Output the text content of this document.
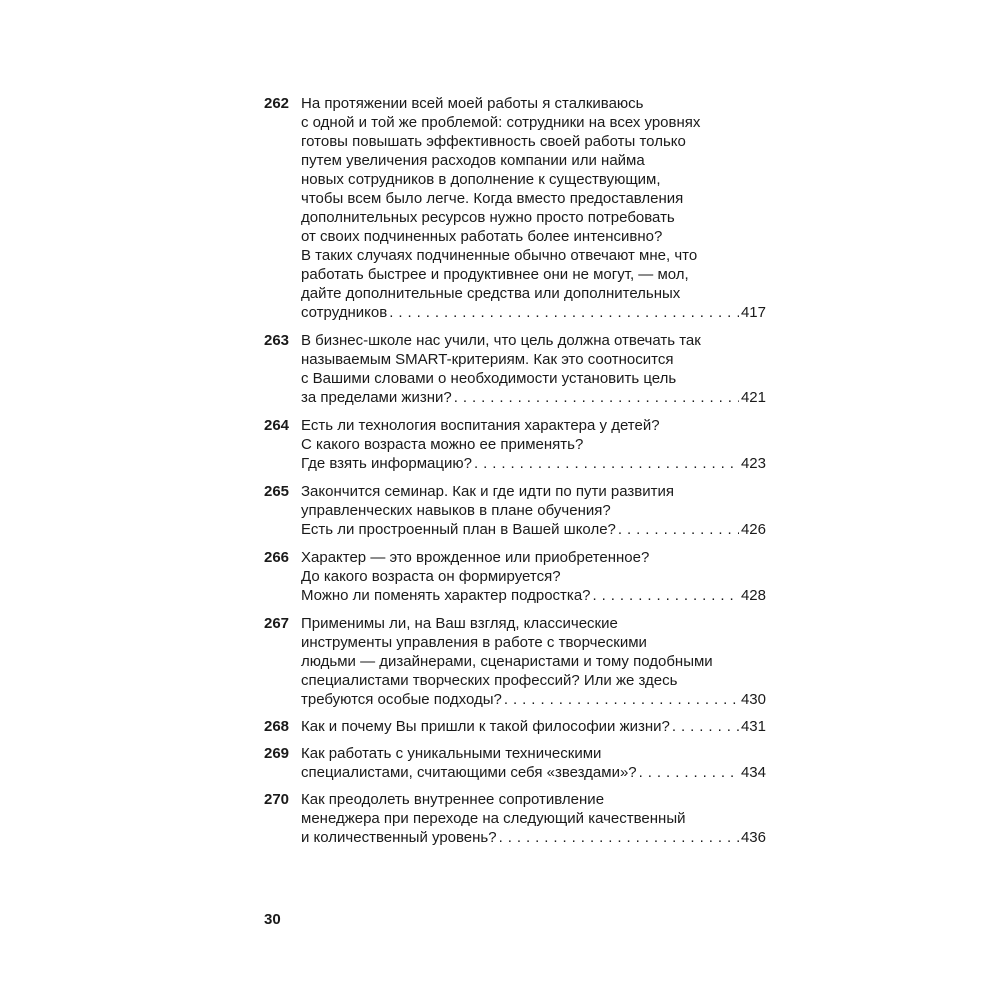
262 На протяжении всей моей работы я сталкиваюсь
с одной и той же проблемой: сотрудники на всех уровнях
готовы повышать эффективность своей работы только
путем увеличения расходов компании или найма
новых сотрудников в дополнение к существующим,
чтобы всем было легче. Когда вместо предоставления
дополнительных ресурсов нужно просто потребовать
от своих подчиненных работать более интенсивно?
В таких случаях подчиненные обычно отвечают мне, что
работать быстрее и продуктивнее они не могут, — мол,
дайте дополнительные средства или дополнительных
сотрудников . . .	417
263 В бизнес-школе нас учили, что цель должна отвечать так
называемым SMART-критериям. Как это соотносится
с Вашими словами о необходимости установить цель
за пределами жизни? . . .	421
264 Есть ли технология воспитания характера у детей?
С какого возраста можно ее применять?
Где взять информацию? . . .	423
265 Закончится семинар. Как и где идти по пути развития
управленческих навыков в плане обучения?
Есть ли простроенный план в Вашей школе? . . .	426
266 Характер — это врожденное или приобретенное?
До какого возраста он формируется?
Можно ли поменять характер подростка? . . .	428
267 Применимы ли, на Ваш взгляд, классические
инструменты управления в работе с творческими
людьми — дизайнерами, сценаристами и тому подобными
специалистами творческих профессий? Или же здесь
требуются особые подходы? . . .	430
268 Как и почему Вы пришли к такой философии жизни? . . .	431
269 Как работать с уникальными техническими
специалистами, считающими себя «звездами»? . . .	434
270 Как преодолеть внутреннее сопротивление
менеджера при переходе на следующий качественный
и количественный уровень? . . .	436
30
